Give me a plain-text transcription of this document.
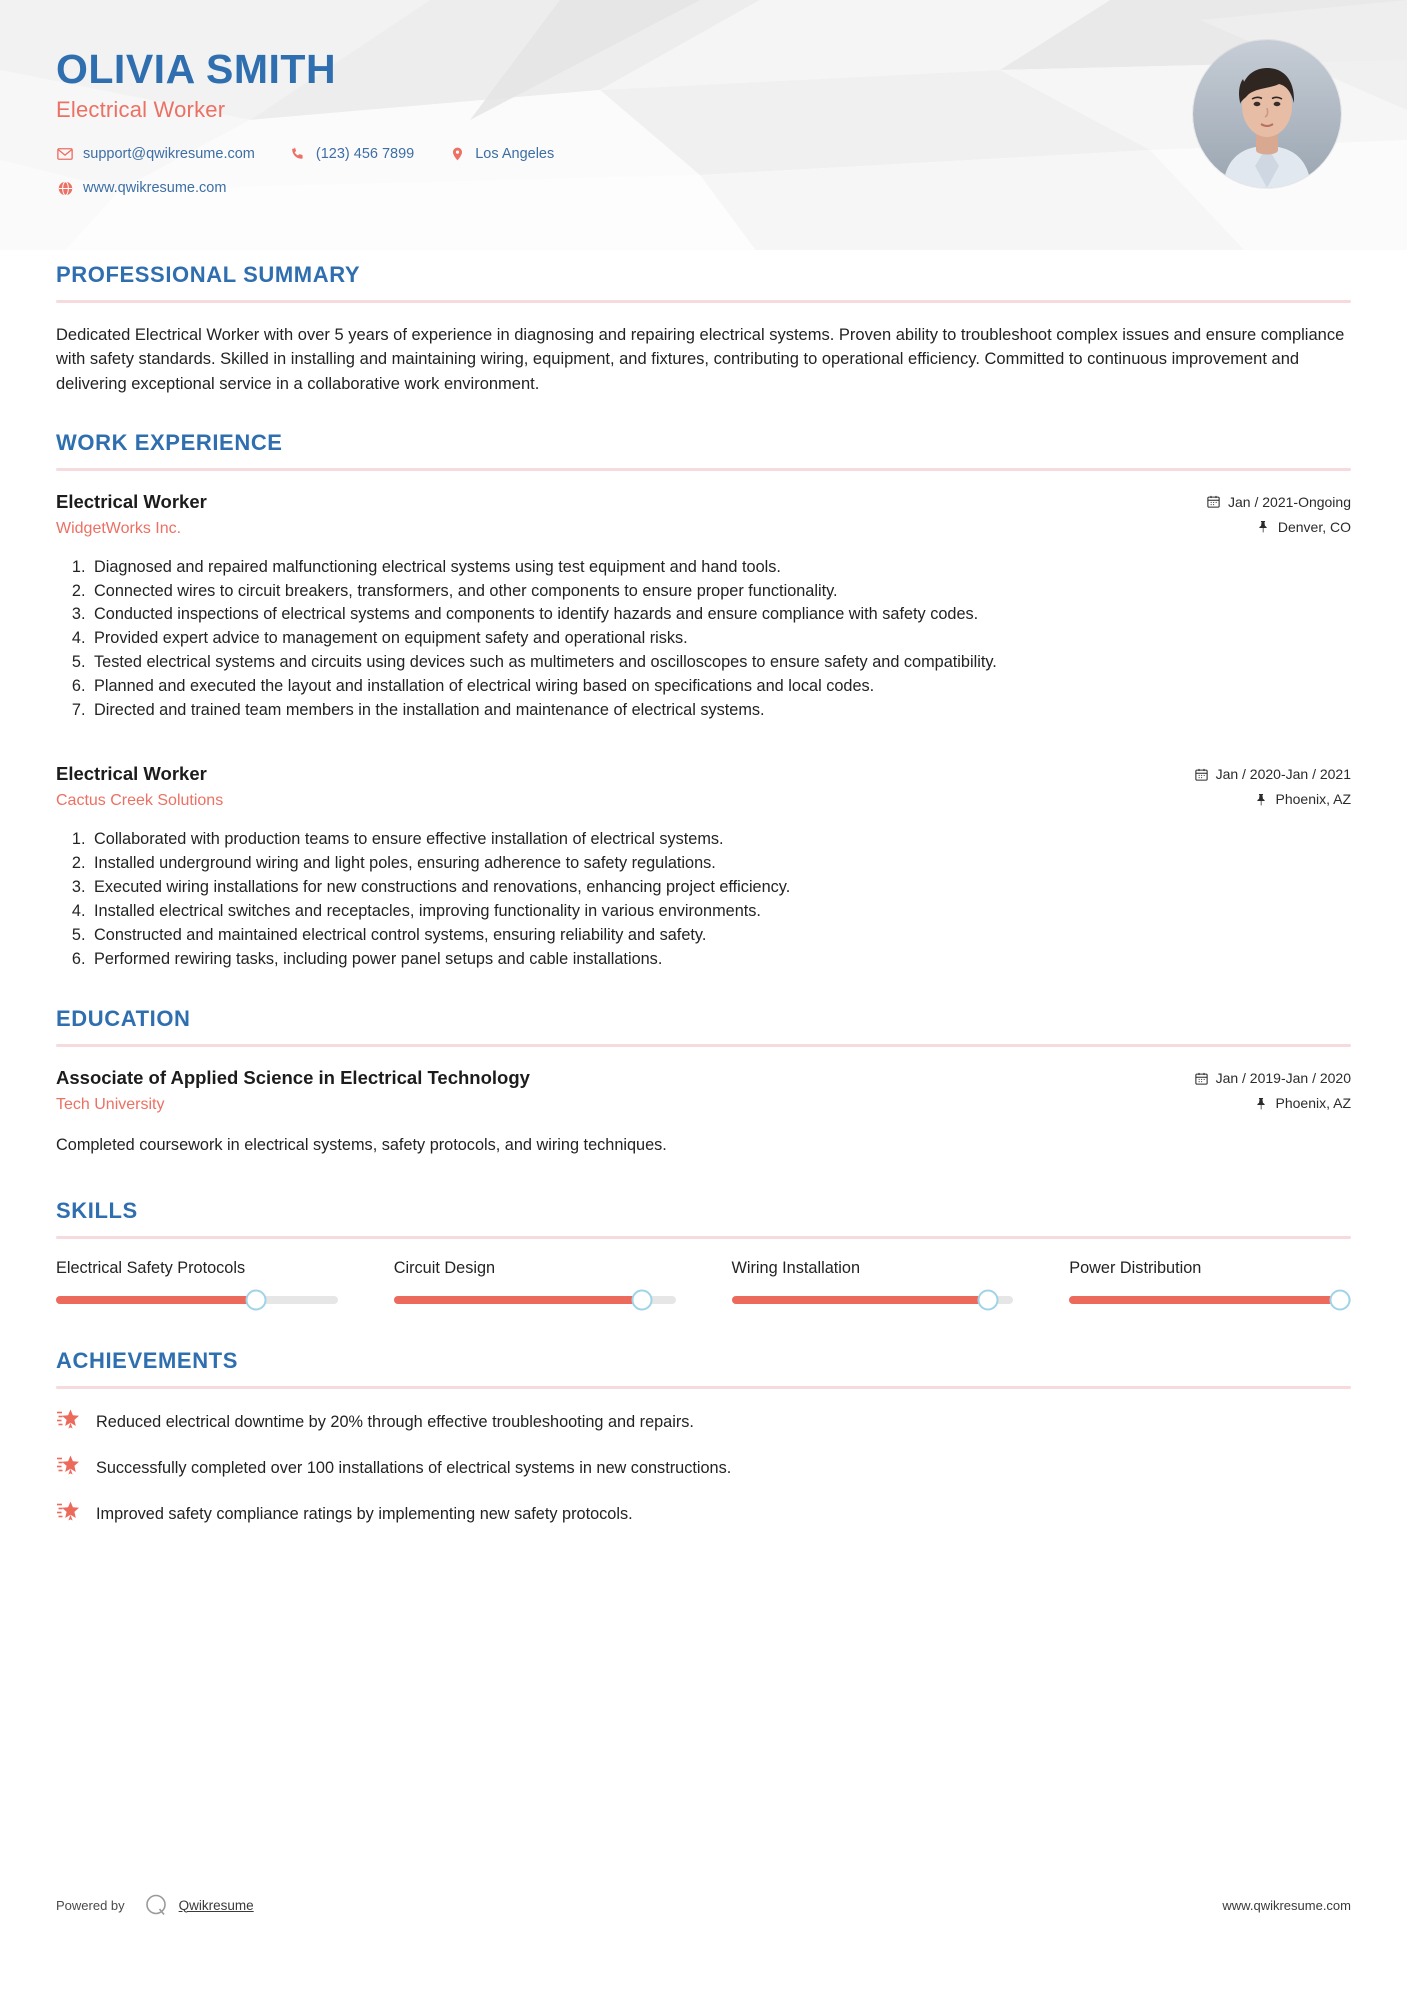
OLIVIA SMITH
Electrical Worker
support@qwikresume.com	(123) 456 7899	Los Angeles
www.qwikresume.com
PROFESSIONAL SUMMARY

Dedicated Electrical Worker with over 5 years of experience in diagnosing and repairing electrical systems. Proven ability to troubleshoot complex issues and ensure compliance with safety standards. Skilled in installing and maintaining wiring, equipment, and fixtures, contributing to operational efficiency. Committed to continuous improvement and delivering exceptional service in a collaborative work environment.

WORK EXPERIENCE
Electrical Worker
WidgetWorks Inc.
Jan / 2021-Ongoing
Denver, CO
1. Diagnosed and repaired malfunctioning electrical systems using test equipment and hand tools.
2. Connected wires to circuit breakers, transformers, and other components to ensure proper functionality.
3. Conducted inspections of electrical systems and components to identify hazards and ensure compliance with safety codes.
4. Provided expert advice to management on equipment safety and operational risks.
5. Tested electrical systems and circuits using devices such as multimeters and oscilloscopes to ensure safety and compatibility.
6. Planned and executed the layout and installation of electrical wiring based on specifications and local codes.
7. Directed and trained team members in the installation and maintenance of electrical systems.
Electrical Worker
Cactus Creek Solutions
Jan / 2020-Jan / 2021
Phoenix, AZ
1. Collaborated with production teams to ensure effective installation of electrical systems.
2. Installed underground wiring and light poles, ensuring adherence to safety regulations.
3. Executed wiring installations for new constructions and renovations, enhancing project efficiency.
4. Installed electrical switches and receptacles, improving functionality in various environments.
5. Constructed and maintained electrical control systems, ensuring reliability and safety.
6. Performed rewiring tasks, including power panel setups and cable installations.
EDUCATION
Associate of Applied Science in Electrical Technology
Tech University
Jan / 2019-Jan / 2020
Phoenix, AZ

Completed coursework in electrical systems, safety protocols, and wiring techniques.

SKILLS
Electrical Safety Protocols	Circuit Design	Wiring Installation	Power Distribution
ACHIEVEMENTS
Reduced electrical downtime by 20% through effective troubleshooting and repairs.
Successfully completed over 100 installations of electrical systems in new constructions.
Improved safety compliance ratings by implementing new safety protocols.
Powered by	Qwikresume	www.qwikresume.com
